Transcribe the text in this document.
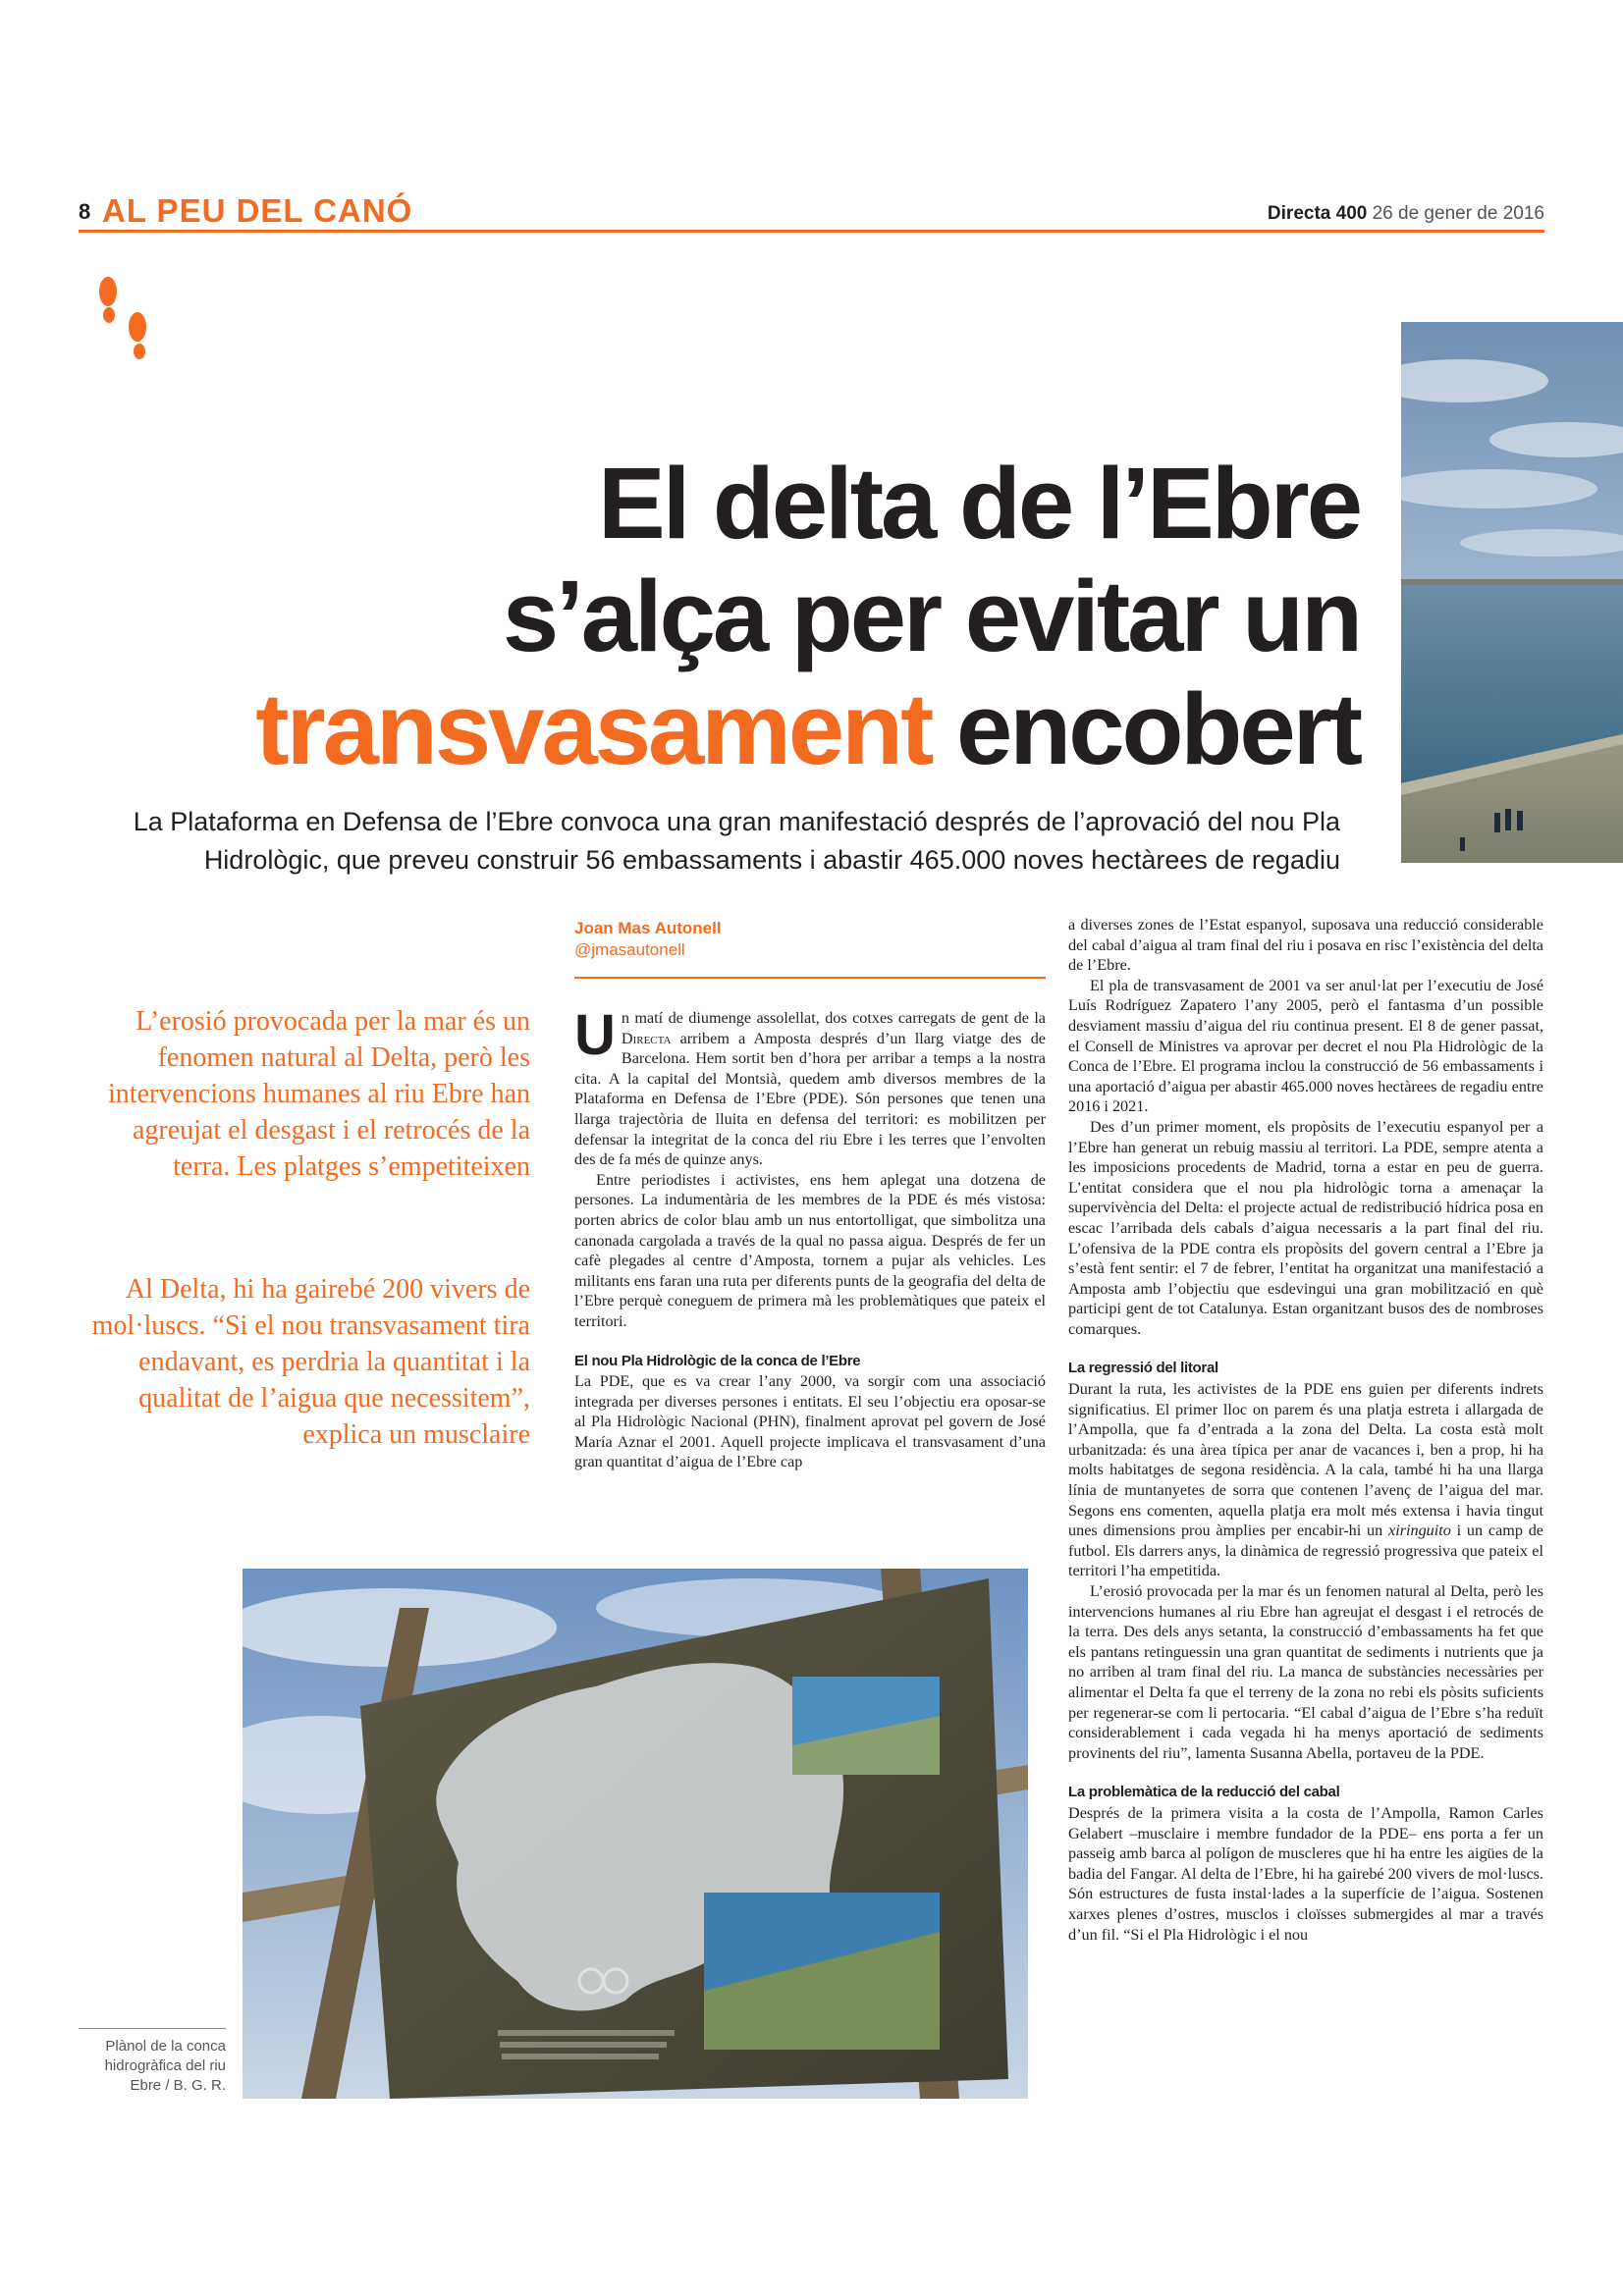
8 AL PEU DEL CANÓ	Directa 400 26 de gener de 2016
El delta de l’Ebre
s’alça per evitar un
transvasament encobert
La Plataforma en Defensa de l’Ebre convoca una gran manifestació després de l’aprovació del nou Pla Hidrològic, que preveu construir 56 embassaments i abastir 465.000 noves hectàrees de regadiu
L’erosió provocada per la mar és un fenomen natural al Delta, però les intervencions humanes al riu Ebre han agreujat el desgast i el retrocés de la terra. Les platges s’empetiteixen
Al Delta, hi ha gairebé 200 vivers de mol·luscs. “Si el nou transvasament tira endavant, es perdria la quantitat i la qualitat de l’aigua que necessitem”, explica un musclaire
Joan Mas Autonell
@jmasautonell

Un matí de diumenge assolellat, dos cotxes carregats de gent de la Directa arribem a Amposta després d’un llarg viatge des de Barcelona. Hem sortit ben d’hora per arribar a temps a la nostra cita. A la capital del Montsià, quedem amb diversos membres de la Plataforma en Defensa de l’Ebre (PDE). Són persones que tenen una llarga trajectòria de lluita en defensa del territori: es mobilitzen per defensar la integritat de la conca del riu Ebre i les terres que l’envolten des de fa més de quinze anys.

Entre periodistes i activistes, ens hem aplegat una dotzena de persones. La indumentària de les membres de la PDE és més vistosa: porten abrics de color blau amb un nus entortolligat, que simbolitza una canonada cargolada a través de la qual no passa aigua. Després de fer un cafè plegades al centre d’Amposta, tornem a pujar als vehicles. Les militants ens faran una ruta per diferents punts de la geografia del delta de l’Ebre perquè coneguem de primera mà les problemàtiques que pateix el territori.

El nou Pla Hidrològic de la conca de l’Ebre

La PDE, que es va crear l’any 2000, va sorgir com una associació integrada per diverses persones i entitats. El seu l’objectiu era oposar-se al Pla Hidrològic Nacional (PHN), finalment aprovat pel govern de José María Aznar el 2001. Aquell projecte implicava el transvasament d’una gran quantitat d’aigua de l’Ebre cap

a diverses zones de l’Estat espanyol, suposava una reducció considerable del cabal d’aigua al tram final del riu i posava en risc l’existència del delta de l’Ebre.

El pla de transvasament de 2001 va ser anul·lat per l’executiu de José Luís Rodríguez Zapatero l’any 2005, però el fantasma d’un possible desviament massiu d’aigua del riu continua present. El 8 de gener passat, el Consell de Ministres va aprovar per decret el nou Pla Hidrològic de la Conca de l’Ebre. El programa inclou la construcció de 56 embassaments i una aportació d’aigua per abastir 465.000 noves hectàrees de regadiu entre 2016 i 2021.

Des d’un primer moment, els propòsits de l’executiu espanyol per a l’Ebre han generat un rebuig massiu al territori. La PDE, sempre atenta a les imposicions procedents de Madrid, torna a estar en peu de guerra. L’entitat considera que el nou pla hidrològic torna a amenaçar la supervivència del Delta: el projecte actual de redistribució hídrica posa en escac l’arribada dels cabals d’aigua necessaris a la part final del riu. L’ofensiva de la PDE contra els propòsits del govern central a l’Ebre ja s’està fent sentir: el 7 de febrer, l’entitat ha organitzat una manifestació a Amposta amb l’objectiu que esdevingui una gran mobilització en què participi gent de tot Catalunya. Estan organitzant busos des de nombroses comarques.

La regressió del litoral

Durant la ruta, les activistes de la PDE ens guien per diferents indrets significatius. El primer lloc on parem és una platja estreta i allargada de l’Ampolla, que fa d’entrada a la zona del Delta. La costa està molt urbanitzada: és una àrea típica per anar de vacances i, ben a prop, hi ha molts habitatges de segona residència. A la cala, també hi ha una llarga línia de muntanyetes de sorra que contenen l’avenç de l’aigua del mar. Segons ens comenten, aquella platja era molt més extensa i havia tingut unes dimensions prou àmplies per encabir-hi un xiringuito i un camp de futbol. Els darrers anys, la dinàmica de regressió progressiva que pateix el territori l’ha empetitida.

L’erosió provocada per la mar és un fenomen natural al Delta, però les intervencions humanes al riu Ebre han agreujat el desgast i el retrocés de la terra. Des dels anys setanta, la construcció d’embassaments ha fet que els pantans retinguessin una gran quantitat de sediments i nutrients que ja no arriben al tram final del riu. La manca de substàncies necessàries per alimentar el Delta fa que el terreny de la zona no rebi els pòsits suficients per regenerar-se com li pertocaria. “El cabal d’aigua de l’Ebre s’ha reduït considerablement i cada vegada hi ha menys aportació de sediments provinents del riu”, lamenta Susanna Abella, portaveu de la PDE.

La problemàtica de la reducció del cabal

Després de la primera visita a la costa de l’Ampolla, Ramon Carles Gelabert –musclaire i membre fundador de la PDE– ens porta a fer un passeig amb barca al polígon de muscleres que hi ha entre les aigües de la badia del Fangar. Al delta de l’Ebre, hi ha gairebé 200 vivers de mol·luscs. Són estructures de fusta instal·lades a la superfície de l’aigua. Sostenen xarxes plenes d’ostres, musclos i cloïsses submergides al mar a través d’un fil. “Si el Pla Hidrològic i el nou

Plànol de la conca hidrogràfica del riu Ebre / B. G. R.
